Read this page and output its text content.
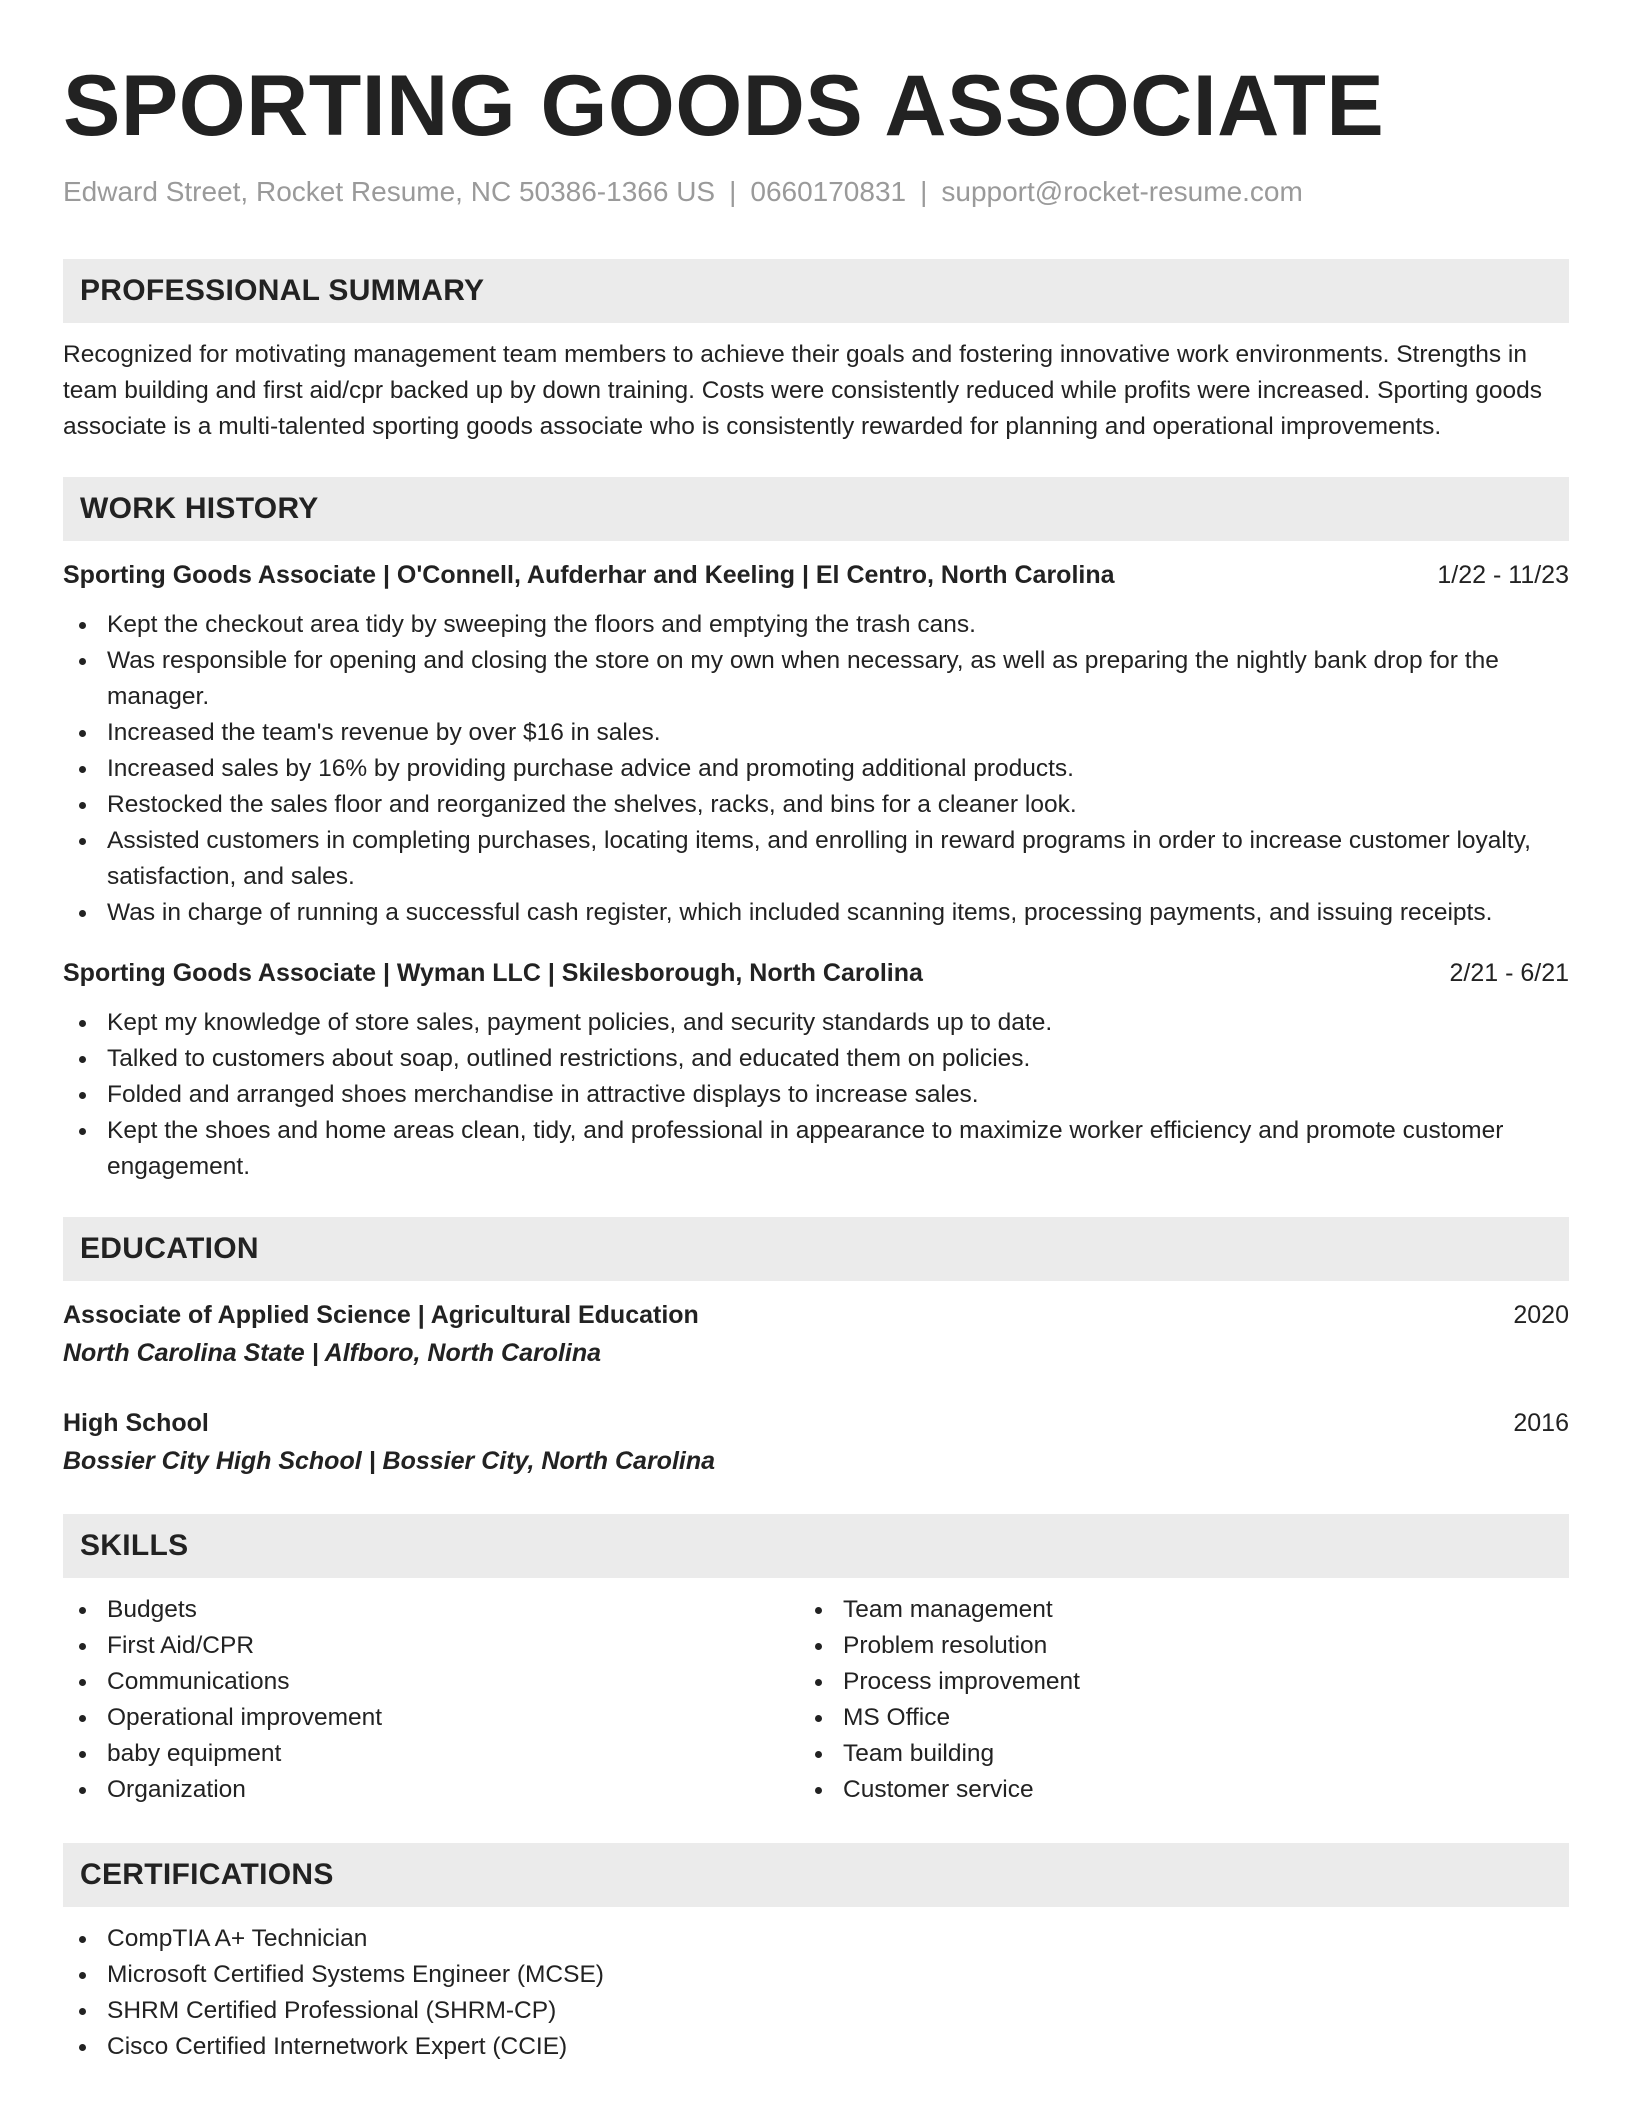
SPORTING GOODS ASSOCIATE
Edward Street, Rocket Resume, NC 50386-1366 US | 0660170831 | support@rocket-resume.com
PROFESSIONAL SUMMARY
Recognized for motivating management team members to achieve their goals and fostering innovative work environments. Strengths in team building and first aid/cpr backed up by down training. Costs were consistently reduced while profits were increased. Sporting goods associate is a multi-talented sporting goods associate who is consistently rewarded for planning and operational improvements.
WORK HISTORY
Sporting Goods Associate | O'Connell, Aufderhar and Keeling | El Centro, North Carolina	1/22 - 11/23
Kept the checkout area tidy by sweeping the floors and emptying the trash cans.
Was responsible for opening and closing the store on my own when necessary, as well as preparing the nightly bank drop for the manager.
Increased the team's revenue by over $16 in sales.
Increased sales by 16% by providing purchase advice and promoting additional products.
Restocked the sales floor and reorganized the shelves, racks, and bins for a cleaner look.
Assisted customers in completing purchases, locating items, and enrolling in reward programs in order to increase customer loyalty, satisfaction, and sales.
Was in charge of running a successful cash register, which included scanning items, processing payments, and issuing receipts.
Sporting Goods Associate | Wyman LLC | Skilesborough, North Carolina	2/21 - 6/21
Kept my knowledge of store sales, payment policies, and security standards up to date.
Talked to customers about soap, outlined restrictions, and educated them on policies.
Folded and arranged shoes merchandise in attractive displays to increase sales.
Kept the shoes and home areas clean, tidy, and professional in appearance to maximize worker efficiency and promote customer engagement.
EDUCATION
Associate of Applied Science | Agricultural Education	2020
North Carolina State | Alfboro, North Carolina
High School	2016
Bossier City High School | Bossier City, North Carolina
SKILLS
Budgets
First Aid/CPR
Communications
Operational improvement
baby equipment
Organization
Team management
Problem resolution
Process improvement
MS Office
Team building
Customer service
CERTIFICATIONS
CompTIA A+ Technician
Microsoft Certified Systems Engineer (MCSE)
SHRM Certified Professional (SHRM-CP)
Cisco Certified Internetwork Expert (CCIE)
